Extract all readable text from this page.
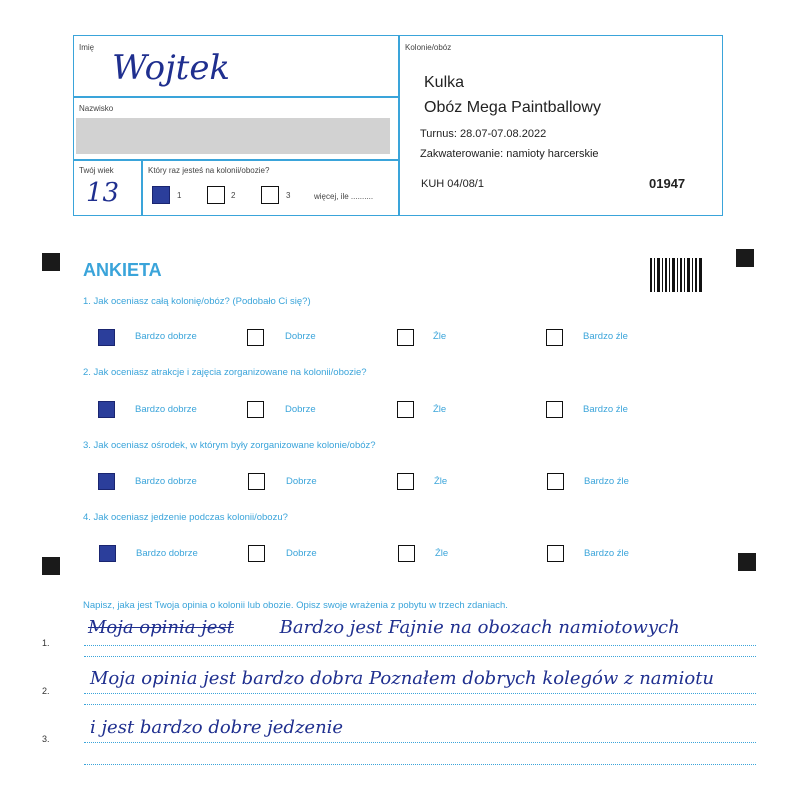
Imię
Wojtek
Nazwisko
Twój wiek
13
Który raz jesteś na kolonii/obozie?
1	2	3	więcej, ile ..........
Kolonie/obóz
Kulka
Obóz Mega Paintballowy
Turnus: 28.07-07.08.2022
Zakwaterowanie: namioty harcerskie
KUH 04/08/1	01947
ANKIETA
1. Jak oceniasz całą kolonię/obóz? (Podobało Ci się?)
Bardzo dobrze	Dobrze	Źle	Bardzo źle
2. Jak oceniasz atrakcje i zajęcia zorganizowane na kolonii/obozie?
Bardzo dobrze	Dobrze	Źle	Bardzo źle
3. Jak oceniasz ośrodek, w którym były zorganizowane kolonie/obóz?
Bardzo dobrze	Dobrze	Źle	Bardzo źle
4. Jak oceniasz jedzenie podczas kolonii/obozu?
Bardzo dobrze	Dobrze	Źle	Bardzo źle
Napisz, jaka jest Twoja opinia o kolonii lub obozie. Opisz swoje wrażenia z pobytu w trzech zdaniach.
1.
Moja opinia jest	Bardzo jest Fajnie na obozach namiotowych
2.
Moja opinia jest bardzo dobra Poznałem dobrych kolegów z namiotu
3.
i jest bardzo dobre jedzenie
